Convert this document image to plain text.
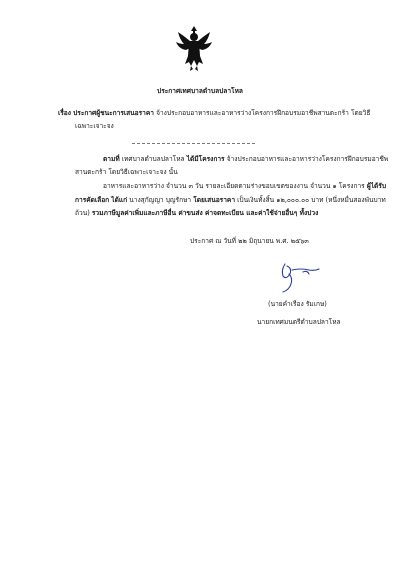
ประกาศเทศบาลตำบลปลาโหล
เรื่อง ประกาศผู้ชนะการเสนอราคา จ้างประกอบอาหารและอาหารว่างโครงการฝึกอบรมอาชีพสานตะกร้า โดยวิธี
เฉพาะเจาะจง
ตามที่ เทศบาลตำบลปลาโหล ได้มีโครงการ จ้างประกอบอาหารและอาหารว่างโครงการฝึกอบรมอาชีพ
สานตะกร้า โดยวิธีเฉพาะเจาะจง นั้น
อาหารและอาหารว่าง จำนวน ๓ วัน รายละเอียดตามร่างขอบเขตของงาน จำนวน ๑ โครงการ ผู้ได้รับ
การคัดเลือก ได้แก่ นางสุกัญญา บุญรักษา โดยเสนอราคา เป็นเงินทั้งสิ้น ๑๒,๐๐๐.๐๐ บาท (หนึ่งหมื่นสองพันบาท
ถ้วน) รวมภาษีมูลค่าเพิ่มและภาษีอื่น ค่าขนส่ง ค่าจดทะเบียน และค่าใช้จ่ายอื่นๆ ทั้งปวง
ประกาศ ณ วันที่ ๒๒ มิถุนายน พ.ศ. ๒๕๖๓
(นายคำเรือง รัมเกษ)
นายกเทศมนตรีตำบลปลาโหล
